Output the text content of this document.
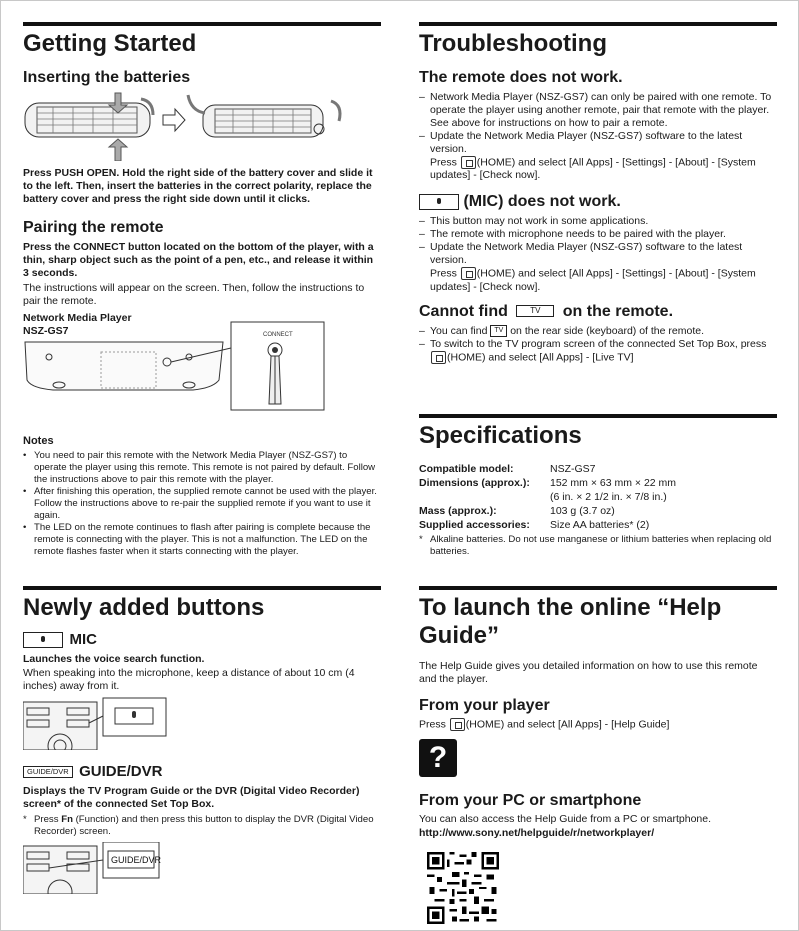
Getting Started
Inserting the batteries

Press PUSH OPEN. Hold the right side of the battery cover and slide it to the left. Then, insert the batteries in the correct polarity, replace the battery cover and press the right side down until it clicks.

Pairing the remote

Press the CONNECT button located on the bottom of the player, with a thin, sharp object such as the point of a pen, etc., and release it within 3 seconds.

The instructions will appear on the screen. Then, follow the instructions to pair the remote.

Network Media Player
NSZ-GS7	CONNECT
Notes
• You need to pair this remote with the Network Media Player (NSZ-GS7) to operate the player using this remote. This remote is not paired by default. Follow the instructions above to pair this remote with the player.
• After finishing this operation, the supplied remote cannot be used with the player. Follow the instructions above to re-pair the supplied remote if you want to use it again.
• The LED on the remote continues to flash after pairing is complete because the remote is connecting with the player. This is not a malfunction. The LED on the remote flashes faster when it starts connecting with the player.
Newly added buttons
MIC

Launches the voice search function.

When speaking into the microphone, keep a distance of about 10 cm (4 inches) away from it.

GUIDE/DVR GUIDE/DVR

Displays the TV Program Guide or the DVR (Digital Video Recorder) screen* of the connected Set Top Box.

* Press Fn (Function) and then press this button to display the DVR (Digital Video Recorder) screen.

GUIDE/DVR
Troubleshooting
The remote does not work.
– Network Media Player (NSZ-GS7) can only be paired with one remote. To operate the player using another remote, pair that remote with the player. See above for instructions on how to pair a remote.
– Update the Network Media Player (NSZ-GS7) software to the latest version.
Press (HOME) and select [All Apps] - [Settings] - [About] - [System updates] - [Check now].
(MIC) does not work.
– This button may not work in some applications.
– The remote with microphone needs to be paired with the player.
– Update the Network Media Player (NSZ-GS7) software to the latest version.
Press (HOME) and select [All Apps] - [Settings] - [About] - [System updates] - [Check now].
Cannot find	TV on the remote.
– You can find TV on the rear side (keyboard) of the remote.
– To switch to the TV program screen of the connected Set Top Box, press (HOME) and select [All Apps] - [Live TV]
Specifications
Compatible model:	NSZ-GS7
Dimensions (approx.):	152 mm × 63 mm × 22 mm
	(6 in. × 2 1/2 in. × 7/8 in.)
Mass (approx.):	103 g (3.7 oz)
Supplied accessories:	Size AA batteries* (2)

* Alkaline batteries. Do not use manganese or lithium batteries when replacing old batteries.

To launch the online “Help
Guide”

The Help Guide gives you detailed information on how to use this remote and the player.

From your player

Press (HOME) and select [All Apps] - [Help Guide]

?
From your PC or smartphone

You can also access the Help Guide from a PC or smartphone.

http://www.sony.net/helpguide/r/networkplayer/
